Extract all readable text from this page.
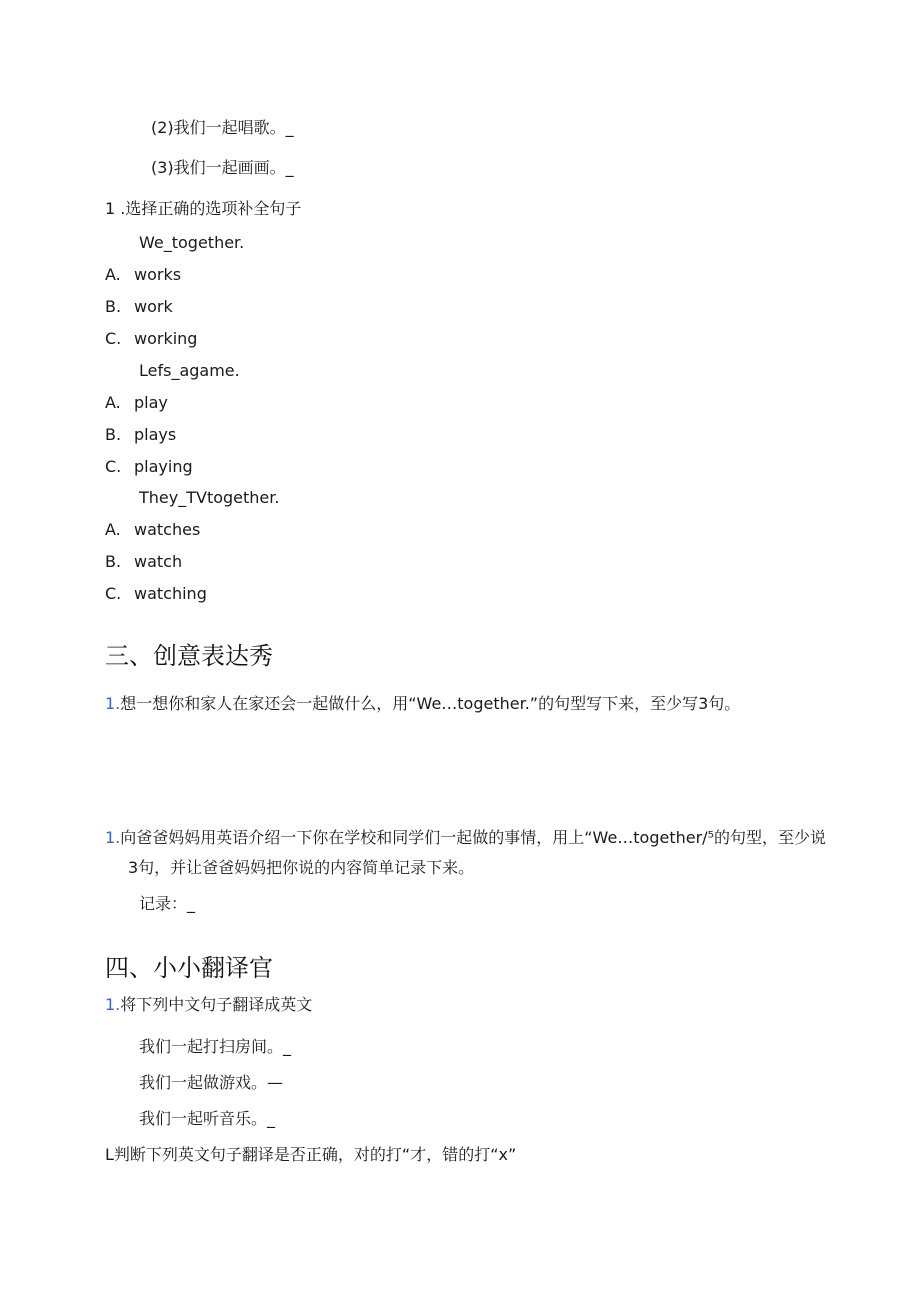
(2)我们一起唱歌。_
(3)我们一起画画。_
1 .选择正确的选项补全句子
We_together.
A. works
B. work
C. working
Lefs_agame.
A. play
B. plays
C. playing
They_TVtogether.
A. watches
B. watch
C. watching
三、创意表达秀
1.想一想你和家人在家还会一起做什么，用“We…together.”的句型写下来，至少写3句。
1.向爸爸妈妈用英语介绍一下你在学校和同学们一起做的事情，用上“We…together/⁵的句型，至少说
3句，并让爸爸妈妈把你说的内容简单记录下来。
记录：_
四、小小翻译官
1.将下列中文句子翻译成英文
我们一起打扫房间。_
我们一起做游戏。—
我们一起听音乐。_
L判断下列英文句子翻译是否正确，对的打“才，错的打“x”
